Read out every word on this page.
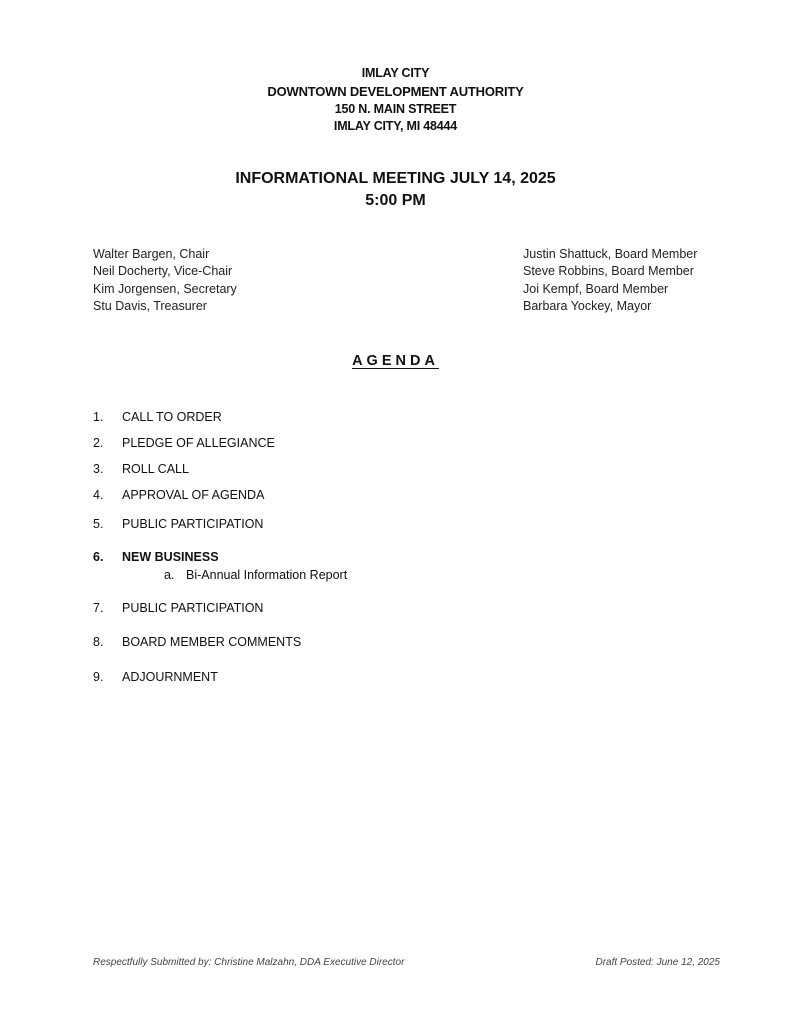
IMLAY CITY
DOWNTOWN DEVELOPMENT AUTHORITY
150 N. MAIN STREET
IMLAY CITY, MI 48444
INFORMATIONAL MEETING JULY 14, 2025
5:00 PM
Walter Bargen, Chair
Neil Docherty, Vice-Chair
Kim Jorgensen, Secretary
Stu Davis, Treasurer
Justin Shattuck, Board Member
Steve Robbins, Board Member
Joi Kempf, Board Member
Barbara Yockey, Mayor
AGENDA
1. CALL TO ORDER
2. PLEDGE OF ALLEGIANCE
3. ROLL CALL
4. APPROVAL OF AGENDA
5. PUBLIC PARTICIPATION
6. NEW BUSINESS
a. Bi-Annual Information Report
7. PUBLIC PARTICIPATION
8. BOARD MEMBER COMMENTS
9. ADJOURNMENT
Respectfully Submitted by: Christine Malzahn, DDA Executive Director	Draft Posted: June 12, 2025
